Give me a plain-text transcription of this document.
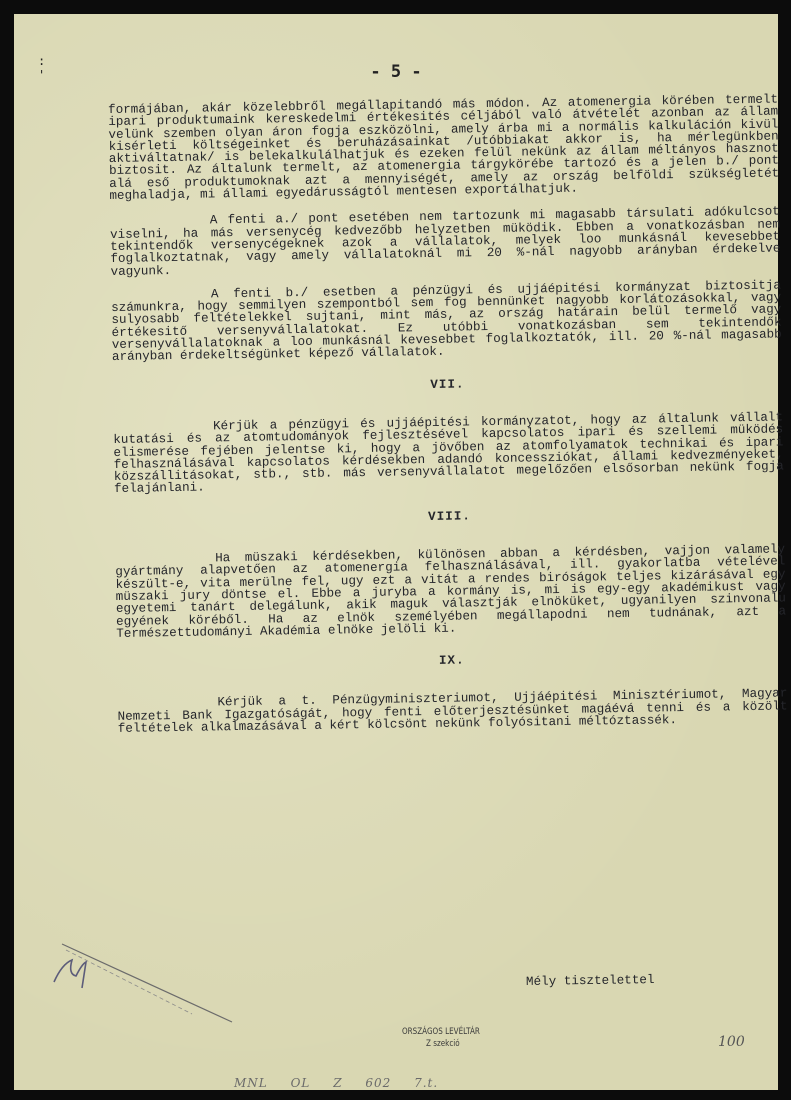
:
'	- 5 -

formájában, akár közelebbről megállapitandó más módon. Az atomenergia körében termelt ipari produktumaink kereskedelmi értékesités céljából való átvételét azonban az állam velünk szemben olyan áron fogja eszközölni, amely árba mi a normális kalkuláción kivül kisérleti költségeinket és beruházásainkat /utóbbiakat akkor is, ha mérlegünkben aktiváltatnak/ is belekalkulálhatjuk és ezeken felül nekünk az állam méltányos hasznot biztosit. Az általunk termelt, az atomenergia tárgykörébe tartozó és a jelen b./ pont alá eső produktumoknak azt a mennyiségét, amely az ország belföldi szükségletét meghaladja, mi állami egyedárusságtól mentesen exportálhatjuk.

A fenti a./ pont esetében nem tartozunk mi magasabb társulati adókulcsot viselni, ha más versenycég kedvezőbb helyzetben müködik. Ebben a vonatkozásban nem tekintendők versenycégeknek azok a vállalatok, melyek loo munkásnál kevesebbet foglalkoztatnak, vagy amely vállalatoknál mi 20 %-nál nagyobb arányban érdekelve vagyunk.

A fenti b./ esetben a pénzügyi és ujjáépitési kormányzat biztositja számunkra, hogy semmilyen szempontból sem fog bennünket nagyobb korlátozásokkal, vagy sulyosabb feltételekkel sujtani, mint más, az ország határain belül termelő vagy értékesitő versenyvállalatokat. Ez utóbbi vonatkozásban sem tekintendők versenyvállalatoknak a loo munkásnál kevesebbet foglalkoztatók, ill. 20 %-nál magasabb arányban érdekeltségünket képező vállalatok.

VII.

Kérjük a pénzügyi és ujjáépitési kormányzatot, hogy az általunk vállalt kutatási és az atomtudományok fejlesztésével kapcsolatos ipari és szellemi müködés elismerése fejében jelentse ki, hogy a jövőben az atomfolyamatok technikai és ipari felhasználásával kapcsolatos kérdésekben adandó koncessziókat, állami kedvezményeket, közszállitásokat, stb., stb. más versenyvállalatot megelőzően elsősorban nekünk fogja felajánlani.

VIII.

Ha müszaki kérdésekben, különösen abban a kérdésben, vajjon valamely gyártmány alapvetően az atomenergia felhasználásával, ill. gyakorlatba vételével készült-e, vita merülne fel, ugy ezt a vitát a rendes biróságok teljes kizárásával egy müszaki jury döntse el. Ebbe a juryba a kormány is, mi is egy-egy akadémikust vagy egyetemi tanárt delegálunk, akik maguk választják elnöküket, ugyanilyen szinvonalu egyének köréből. Ha az elnök személyében megállapodni nem tudnának, azt a Természettudományi Akadémia elnöke jelöli ki.

IX.

Kérjük a t. Pénzügyminiszteriumot, Ujjáépitési Minisztériumot, Magyar Nemzeti Bank Igazgatóságát, hogy fenti előterjesztésünket magáévá tenni és a közölt feltételek alkalmazásával a kért kölcsönt nekünk folyósitani méltóztassék.

Mély tisztelettel
ORSZÁGOS LEVÉLTÁR
Z szekció	100
MNL OL Z 602 7.t.
